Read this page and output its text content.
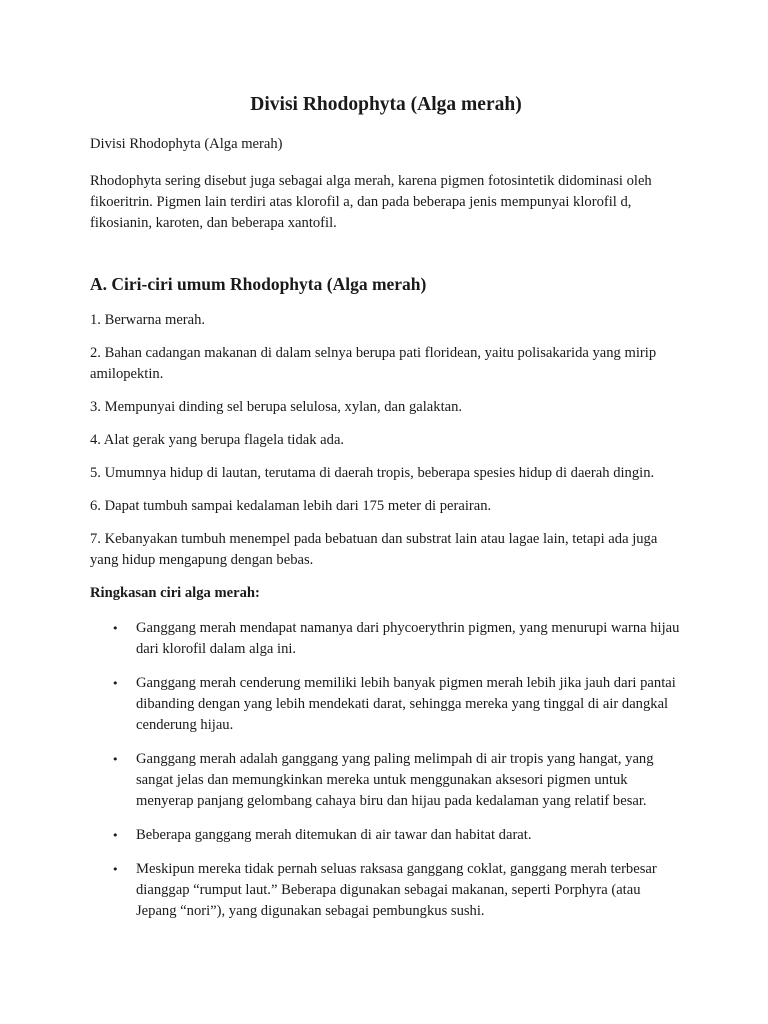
Divisi Rhodophyta (Alga merah)

Divisi Rhodophyta (Alga merah)

Rhodophyta sering disebut juga sebagai alga merah, karena pigmen fotosintetik didominasi oleh fikoeritrin. Pigmen lain terdiri atas klorofil a, dan pada beberapa jenis mempunyai klorofil d, fikosianin, karoten, dan beberapa xantofil.

A. Ciri-ciri umum Rhodophyta (Alga merah)

1. Berwarna merah.

2. Bahan cadangan makanan di dalam selnya berupa pati floridean, yaitu polisakarida yang mirip amilopektin.

3. Mempunyai dinding sel berupa selulosa, xylan, dan galaktan.

4. Alat gerak yang berupa flagela tidak ada.

5. Umumnya hidup di lautan, terutama di daerah tropis, beberapa spesies hidup di daerah dingin.

6. Dapat tumbuh sampai kedalaman lebih dari 175 meter di perairan.

7. Kebanyakan tumbuh menempel pada bebatuan dan substrat lain atau lagae lain, tetapi ada juga yang hidup mengapung dengan bebas.

Ringkasan ciri alga merah:

• Ganggang merah mendapat namanya dari phycoerythrin pigmen, yang menurupi warna hijau dari klorofil dalam alga ini.
• Ganggang merah cenderung memiliki lebih banyak pigmen merah lebih jika jauh dari pantai dibanding dengan yang lebih mendekati darat, sehingga mereka yang tinggal di air dangkal cenderung hijau.
• Ganggang merah adalah ganggang yang paling melimpah di air tropis yang hangat, yang sangat jelas dan memungkinkan mereka untuk menggunakan aksesori pigmen untuk menyerap panjang gelombang cahaya biru dan hijau pada kedalaman yang relatif besar.
• Beberapa ganggang merah ditemukan di air tawar dan habitat darat.
• Meskipun mereka tidak pernah seluas raksasa ganggang coklat, ganggang merah terbesar dianggap “rumput laut.” Beberapa digunakan sebagai makanan, seperti Porphyra (atau Jepang “nori”), yang digunakan sebagai pembungkus sushi.
